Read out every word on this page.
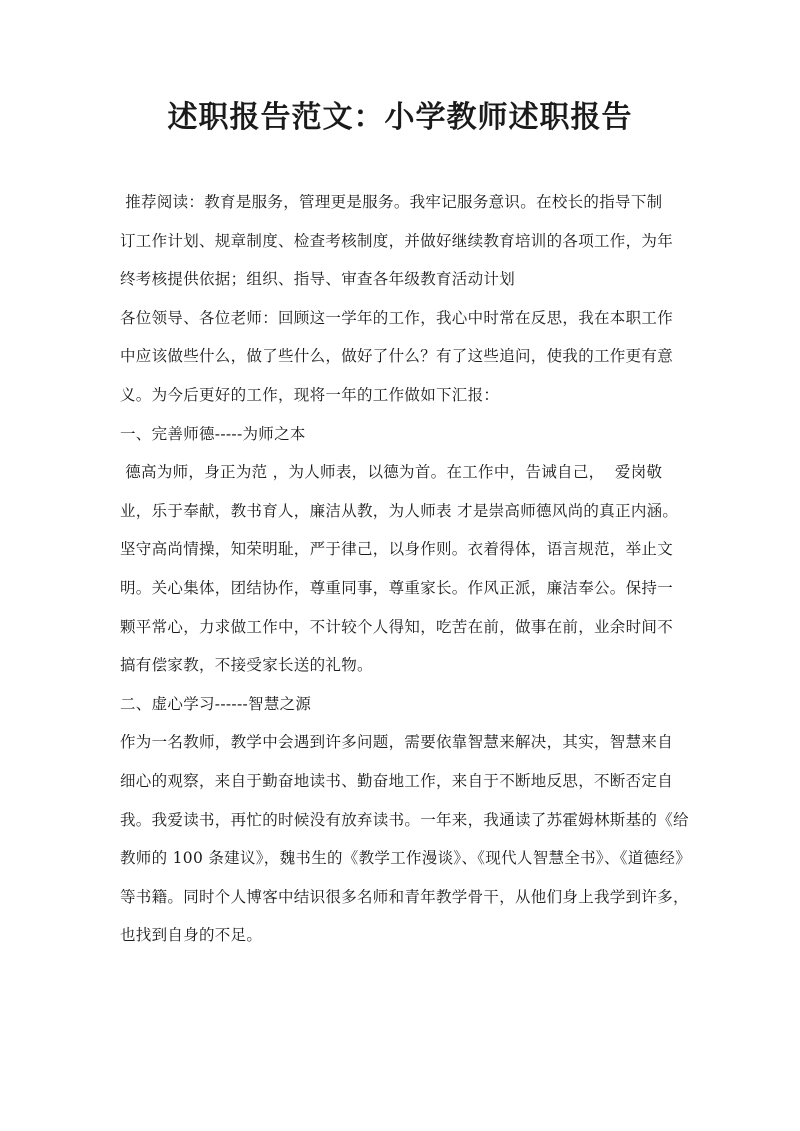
述职报告范文：小学教师述职报告
推荐阅读：教育是服务，管理更是服务。我牢记服务意识。在校长的指导下制
订工作计划、规章制度、检查考核制度，并做好继续教育培训的各项工作，为年
终考核提供依据；组织、指导、审查各年级教育活动计划
各位领导、各位老师：回顾这一学年的工作，我心中时常在反思，我在本职工作
中应该做些什么，做了些什么，做好了什么？有了这些追问，使我的工作更有意
义。为今后更好的工作，现将一年的工作做如下汇报：
一、完善师德-----为师之本
德高为师，身正为范 ，为人师表，以德为首。在工作中，告诫自己，  爱岗敬
业，乐于奉献，教书育人，廉洁从教，为人师表 才是崇高师德风尚的真正内涵。
坚守高尚情操，知荣明耻，严于律己，以身作则。衣着得体，语言规范，举止文
明。关心集体，团结协作，尊重同事，尊重家长。作风正派，廉洁奉公。保持一
颗平常心，力求做工作中，不计较个人得知，吃苦在前，做事在前，业余时间不
搞有偿家教，不接受家长送的礼物。
二、虚心学习------智慧之源
作为一名教师，教学中会遇到许多问题，需要依靠智慧来解决，其实，智慧来自
细心的观察，来自于勤奋地读书、勤奋地工作，来自于不断地反思，不断否定自
我。我爱读书，再忙的时候没有放弃读书。一年来，我通读了苏霍姆林斯基的《给
教师的 100 条建议》，魏书生的《教学工作漫谈》、《现代人智慧全书》、《道德经》
等书籍。同时个人博客中结识很多名师和青年教学骨干，从他们身上我学到许多，
也找到自身的不足。
